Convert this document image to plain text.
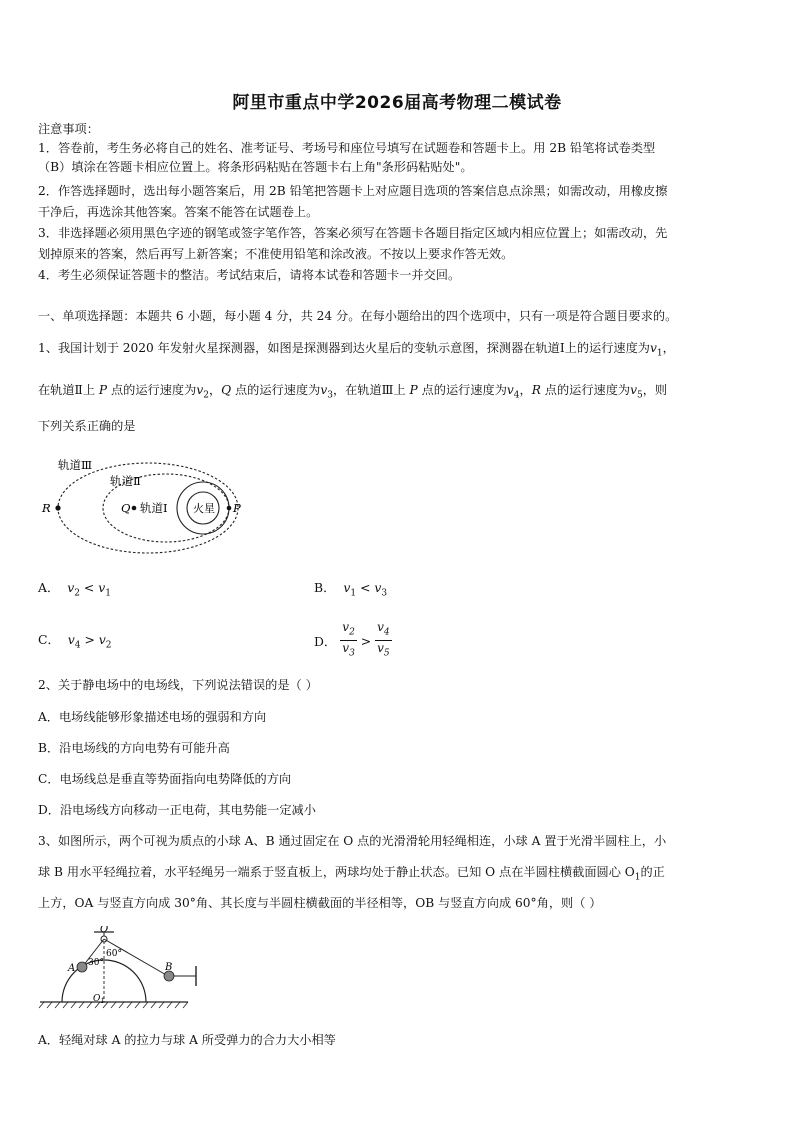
阿里市重点中学2026届高考物理二模试卷
注意事项：
1．答卷前，考生务必将自己的姓名、准考证号、考场号和座位号填写在试题卷和答题卡上。用 2B 铅笔将试卷类型
（B）填涂在答题卡相应位置上。将条形码粘贴在答题卡右上角"条形码粘贴处"。
2．作答选择题时，选出每小题答案后，用 2B 铅笔把答题卡上对应题目选项的答案信息点涂黑；如需改动，用橡皮擦
干净后，再选涂其他答案。答案不能答在试题卷上。
3．非选择题必须用黑色字迹的钢笔或签字笔作答，答案必须写在答题卡各题目指定区域内相应位置上；如需改动，先
划掉原来的答案，然后再写上新答案；不准使用铅笔和涂改液。不按以上要求作答无效。
4．考生必须保证答题卡的整洁。考试结束后，请将本试卷和答题卡一并交回。
一、单项选择题：本题共 6 小题，每小题 4 分，共 24 分。在每小题给出的四个选项中，只有一项是符合题目要求的。
1、我国计划于 2020 年发射火星探测器，如图是探测器到达火星后的变轨示意图，探测器在轨道Ⅰ上的运行速度为$v_1$，
在轨道Ⅱ上 P 点的运行速度为$v_2$，Q 点的运行速度为$v_3$，在轨道Ⅲ上 P 点的运行速度为$v_4$，R 点的运行速度为$v_5$，则
下列关系正确的是
轨道Ⅲ
轨道Ⅱ
轨道Ⅰ 火星
R	Q	P
A． $v_2 < v_1$	B． $v_1 < v_3$
C． $v_4 > v_2$	D． $\frac{v_2}{v_3} > \frac{v_4}{v_5}$
2、关于静电场中的电场线，下列说法错误的是（ ）
A．电场线能够形象描述电场的强弱和方向
B．沿电场线的方向电势有可能升高
C．电场线总是垂直等势面指向电势降低的方向
D．沿电场线方向移动一正电荷，其电势能一定减小
3、如图所示，两个可视为质点的小球 A、B 通过固定在 O 点的光滑滑轮用轻绳相连，小球 A 置于光滑半圆柱上，小
球 B 用水平轻绳拉着，水平轻绳另一端系于竖直板上，两球均处于静止状态。已知 O 点在半圆柱横截面圆心 $O_1$的正
上方，OA 与竖直方向成 30°角、其长度与半圆柱横截面的半径相等，OB 与竖直方向成 60°角，则（ ）
O
A	B
30°
60°
$O_1$
A．轻绳对球 A 的拉力与球 A 所受弹力的合力大小相等
